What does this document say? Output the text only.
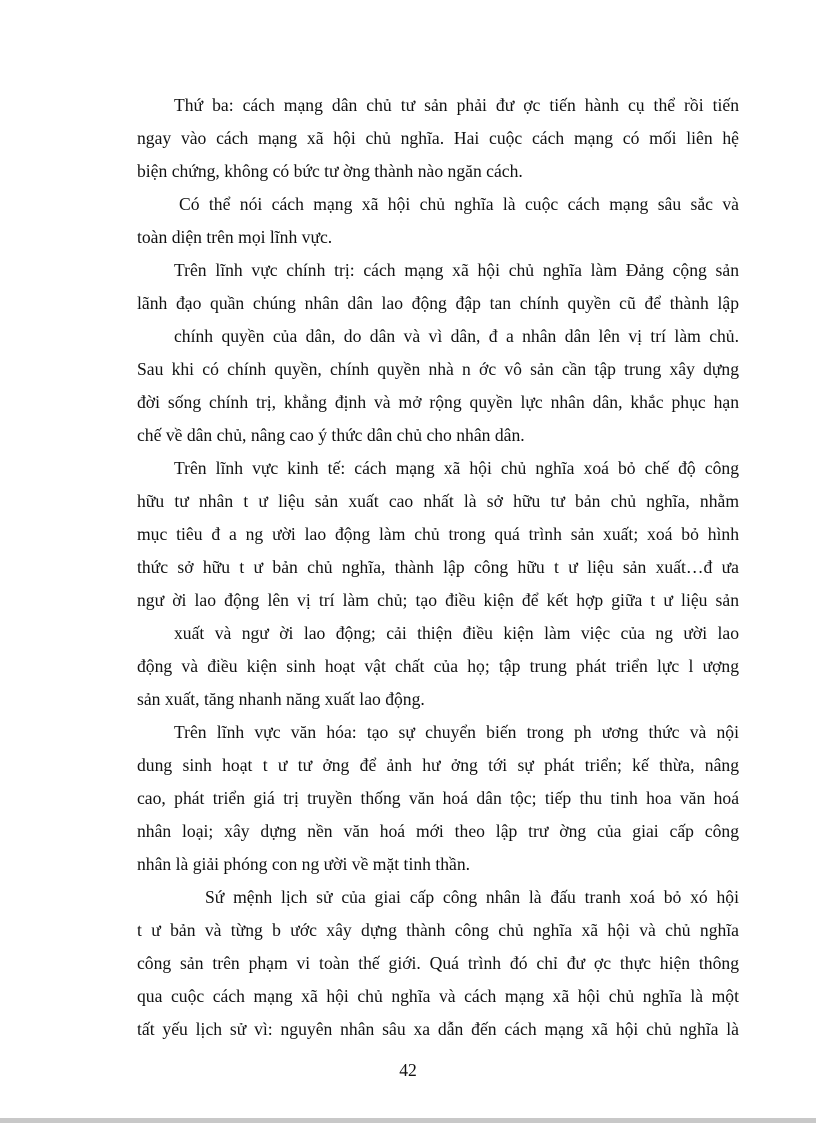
Thứ ba: cách mạng dân chủ tư sản phải đư ợc tiến hành cụ thể rồi tiến
ngay vào cách mạng xã hội chủ nghĩa. Hai cuộc cách mạng có mối liên hệ
biện chứng, không có bức tư ờng thành nào ngăn cách.
Có thể nói cách mạng xã hội chủ nghĩa là cuộc cách mạng sâu sắc và
toàn diện trên mọi lĩnh vực.
Trên lĩnh vực chính trị: cách mạng xã hội chủ nghĩa làm Đảng cộng sản
lãnh đạo quần chúng nhân dân lao động đập tan chính quyền cũ để thành lập
chính quyền của dân, do dân và vì dân, đ a nhân dân lên vị trí làm chủ.
Sau khi có chính quyền, chính quyền nhà n ớc vô sản cần tập trung xây dựng
đời sống chính trị, khẳng định và mở rộng quyền lực nhân dân, khắc phục hạn
chế về dân chủ, nâng cao ý thức dân chủ cho nhân dân.
Trên lĩnh vực kinh tế: cách mạng xã hội chủ nghĩa xoá bỏ chế độ công
hữu tư nhân t ư liệu sản xuất cao nhất là sở hữu tư bản chủ nghĩa, nhằm
mục tiêu đ a ng ười lao động làm chủ trong quá trình sản xuất; xoá bỏ hình
thức sở hữu t ư bản chủ nghĩa, thành lập công hữu t ư liệu sản xuất…đ ưa
ngư ời lao động lên vị trí làm chủ; tạo điều kiện để kết hợp giữa t ư liệu sản
xuất và ngư ời lao động; cải thiện điều kiện làm việc của ng ười lao
động và điều kiện sinh hoạt vật chất của họ; tập trung phát triển lực l ượng
sản xuất, tăng nhanh năng xuất lao động.
Trên lĩnh vực văn hóa: tạo sự chuyển biến trong ph ương thức và nội
dung sinh hoạt t ư tư ởng để ảnh hư ởng tới sự phát triển; kế thừa, nâng
cao, phát triển giá trị truyền thống văn hoá dân tộc; tiếp thu tinh hoa văn hoá
nhân loại; xây dựng nền văn hoá mới theo lập trư ờng của giai cấp công
nhân là giải phóng con ng ười về mặt tinh thần.
Sứ mệnh lịch sử của giai cấp công nhân là đấu tranh xoá bỏ xó hội
t ư bản và từng b ước xây dựng thành công chủ nghĩa xã hội và chủ nghĩa
công sản trên phạm vi toàn thế giới. Quá trình đó chỉ đư ợc thực hiện thông
qua cuộc cách mạng xã hội chủ nghĩa và cách mạng xã hội chủ nghĩa là một
tất yếu lịch sử vì: nguyên nhân sâu xa dẫn đến cách mạng xã hội chủ nghĩa là
42
